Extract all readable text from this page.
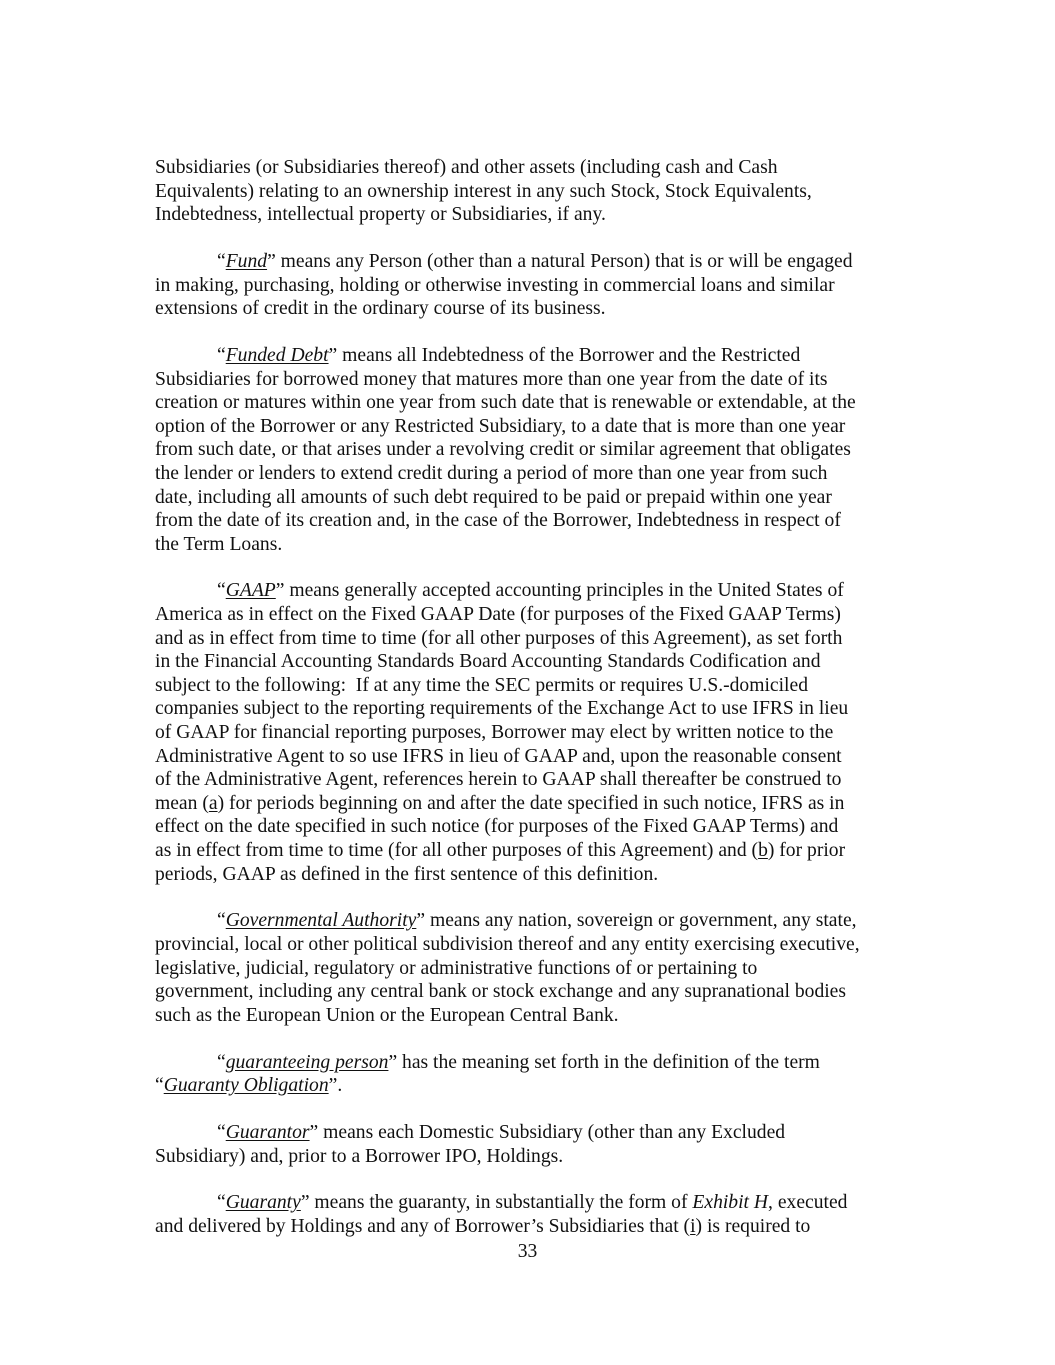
Subsidiaries (or Subsidiaries thereof) and other assets (including cash and Cash
Equivalents) relating to an ownership interest in any such Stock, Stock Equivalents,
Indebtedness, intellectual property or Subsidiaries, if any.
“Fund” means any Person (other than a natural Person) that is or will be engaged
in making, purchasing, holding or otherwise investing in commercial loans and similar
extensions of credit in the ordinary course of its business.
“Funded Debt” means all Indebtedness of the Borrower and the Restricted
Subsidiaries for borrowed money that matures more than one year from the date of its
creation or matures within one year from such date that is renewable or extendable, at the
option of the Borrower or any Restricted Subsidiary, to a date that is more than one year
from such date, or that arises under a revolving credit or similar agreement that obligates
the lender or lenders to extend credit during a period of more than one year from such
date, including all amounts of such debt required to be paid or prepaid within one year
from the date of its creation and, in the case of the Borrower, Indebtedness in respect of
the Term Loans.
“GAAP” means generally accepted accounting principles in the United States of
America as in effect on the Fixed GAAP Date (for purposes of the Fixed GAAP Terms)
and as in effect from time to time (for all other purposes of this Agreement), as set forth
in the Financial Accounting Standards Board Accounting Standards Codification and
subject to the following:  If at any time the SEC permits or requires U.S.-domiciled
companies subject to the reporting requirements of the Exchange Act to use IFRS in lieu
of GAAP for financial reporting purposes, Borrower may elect by written notice to the
Administrative Agent to so use IFRS in lieu of GAAP and, upon the reasonable consent
of the Administrative Agent, references herein to GAAP shall thereafter be construed to
mean (a) for periods beginning on and after the date specified in such notice, IFRS as in
effect on the date specified in such notice (for purposes of the Fixed GAAP Terms) and
as in effect from time to time (for all other purposes of this Agreement) and (b) for prior
periods, GAAP as defined in the first sentence of this definition.
“Governmental Authority” means any nation, sovereign or government, any state,
provincial, local or other political subdivision thereof and any entity exercising executive,
legislative, judicial, regulatory or administrative functions of or pertaining to
government, including any central bank or stock exchange and any supranational bodies
such as the European Union or the European Central Bank.
“guaranteeing person” has the meaning set forth in the definition of the term
“Guaranty Obligation”.
“Guarantor” means each Domestic Subsidiary (other than any Excluded
Subsidiary) and, prior to a Borrower IPO, Holdings.
“Guaranty” means the guaranty, in substantially the form of Exhibit H, executed
and delivered by Holdings and any of Borrower’s Subsidiaries that (i) is required to
33
